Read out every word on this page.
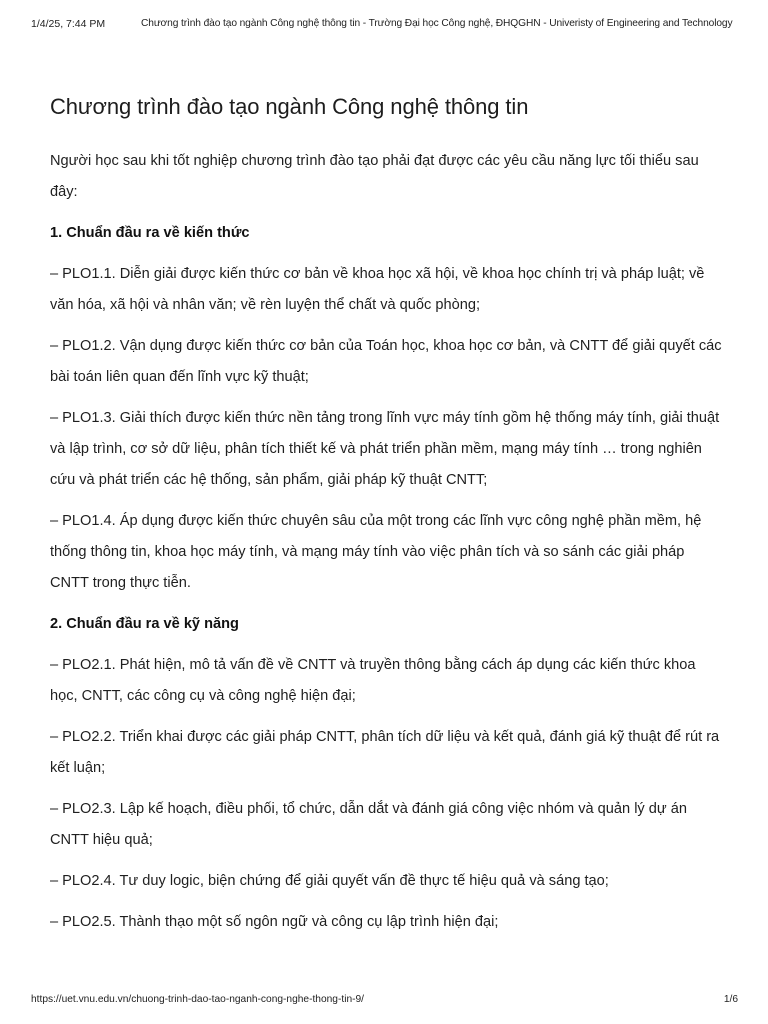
1/4/25, 7:44 PM	Chương trình đào tạo ngành Công nghệ thông tin - Trường Đại học Công nghệ, ĐHQGHN - Univeristy of Engineering and Technology
Chương trình đào tạo ngành Công nghệ thông tin

Người học sau khi tốt nghiệp chương trình đào tạo phải đạt được các yêu cầu năng lực tối thiểu sau đây:

1. Chuẩn đầu ra về kiến thức

– PLO1.1. Diễn giải được kiến thức cơ bản về khoa học xã hội, về khoa học chính trị và pháp luật; về văn hóa, xã hội và nhân văn; về rèn luyện thể chất và quốc phòng;

– PLO1.2. Vận dụng được kiến thức cơ bản của Toán học, khoa học cơ bản, và CNTT để giải quyết các bài toán liên quan đến lĩnh vực kỹ thuật;

– PLO1.3. Giải thích được kiến thức nền tảng trong lĩnh vực máy tính gồm hệ thống máy tính, giải thuật và lập trình, cơ sở dữ liệu, phân tích thiết kế và phát triển phần mềm, mạng máy tính … trong nghiên cứu và phát triển các hệ thống, sản phẩm, giải pháp kỹ thuật CNTT;

– PLO1.4. Áp dụng được kiến thức chuyên sâu của một trong các lĩnh vực công nghệ phần mềm, hệ thống thông tin, khoa học máy tính, và mạng máy tính vào việc phân tích và so sánh các giải pháp CNTT trong thực tiễn.

2. Chuẩn đầu ra về kỹ năng

– PLO2.1. Phát hiện, mô tả vấn đề về CNTT và truyền thông bằng cách áp dụng các kiến thức khoa học, CNTT, các công cụ và công nghệ hiện đại;

– PLO2.2. Triển khai được các giải pháp CNTT, phân tích dữ liệu và kết quả, đánh giá kỹ thuật để rút ra kết luận;

– PLO2.3. Lập kế hoạch, điều phối, tổ chức, dẫn dắt và đánh giá công việc nhóm và quản lý dự án CNTT hiệu quả;

– PLO2.4. Tư duy logic, biện chứng để giải quyết vấn đề thực tế hiệu quả và sáng tạo;

– PLO2.5. Thành thạo một số ngôn ngữ và công cụ lập trình hiện đại;

https://uet.vnu.edu.vn/chuong-trinh-dao-tao-nganh-cong-nghe-thong-tin-9/	1/6
